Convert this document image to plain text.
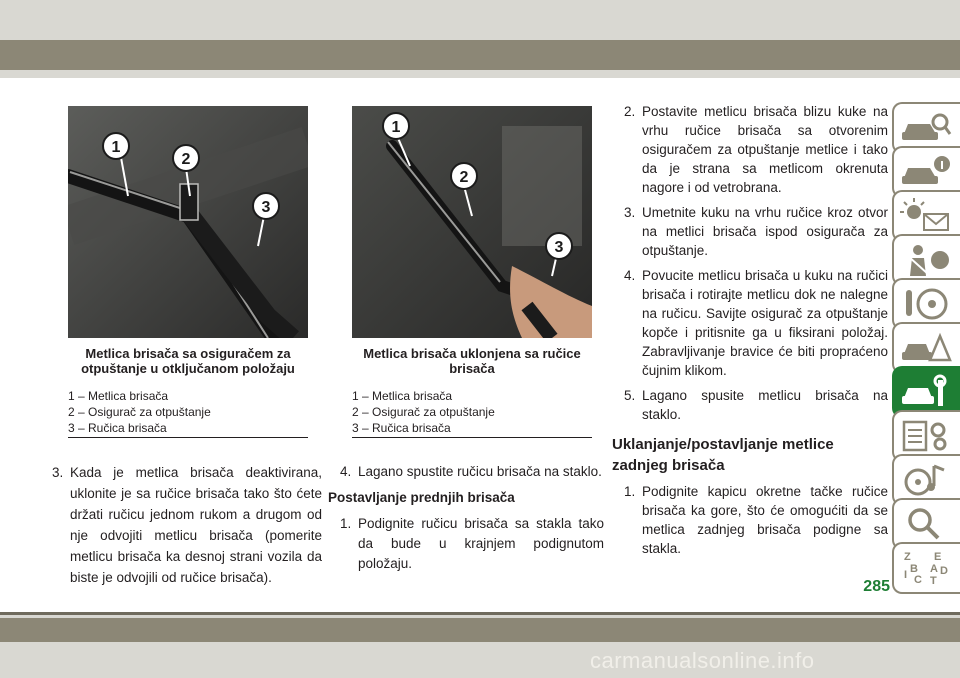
1
2
3
Metlica brisača sa osiguračem za otpuštanje u otključanom položaju
1 – Metlica brisača
2 – Osigurač za otpuštanje
3 – Ručica brisača
1
2
3
Metlica brisača uklonjena sa ručice brisača
1 – Metlica brisača
2 – Osigurač za otpuštanje
3 – Ručica brisača
3. Kada je metlica brisača deaktivirana, uklonite je sa ručice brisača tako što ćete držati ručicu jednom rukom a drugom od nje odvojiti metlicu brisača (pomerite metlicu brisača ka desnoj strani vozila da biste je odvojili od ručice brisača).
4. Lagano spustite ručicu brisača na staklo.
Postavljanje prednjih brisača
1. Podignite ručicu brisača sa stakla tako da bude u krajnjem podignutom položaju.
2. Postavite metlicu brisača blizu kuke na vrhu ručice brisača sa otvorenim osiguračem za otpuštanje metlice i tako da je strana sa metlicom okrenuta nagore i od vetrobrana.
3. Umetnite kuku na vrhu ručice kroz otvor na metlici brisača ispod osigurača za otpuštanje.
4. Povucite metlicu brisača u kuku na ručici brisača i rotirajte metlicu dok ne nalegne na ručicu. Savijte osigurač za otpuštanje kopče i pritisnite ga u fiksirani položaj. Zabravljivanje bravice će biti propraćeno čujnim klikom.
5. Lagano spusite metlicu brisača na staklo.
Uklanjanje/postavljanje metlice zadnjeg brisača
1. Podignite kapicu okretne tačke ručice brisača ka gore, što će omogućiti da se metlica zadnjeg brisača podigne sa stakla.
Z E
B A
C
D
I T
285
carmanualsonline.info
